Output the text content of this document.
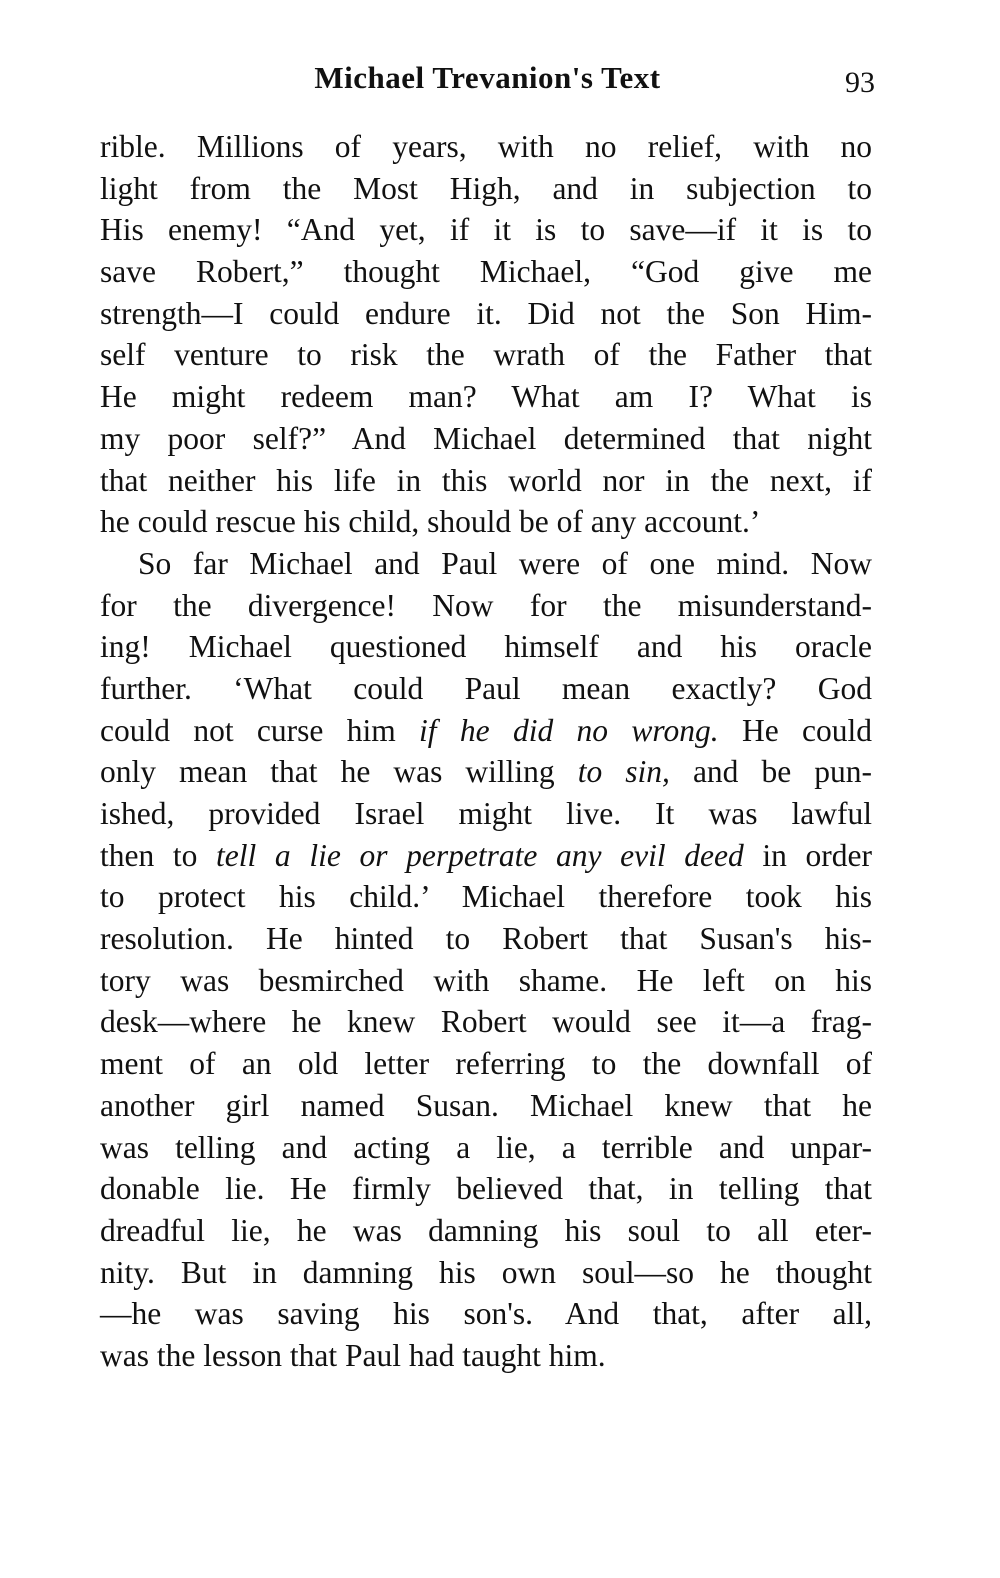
Michael Trevanion's Text	93
rible. Millions of years, with no relief, with no
light from the Most High, and in subjection to
His enemy! “And yet, if it is to save—if it is to
save Robert,” thought Michael, “God give me
strength—I could endure it. Did not the Son Him-
self venture to risk the wrath of the Father that
He might redeem man? What am I? What is
my poor self?” And Michael determined that night
that neither his life in this world nor in the next, if
he could rescue his child, should be of any account.’
So far Michael and Paul were of one mind. Now
for the divergence! Now for the misunderstand-
ing! Michael questioned himself and his oracle
further. ‘What could Paul mean exactly? God
could not curse him if he did no wrong. He could
only mean that he was willing to sin, and be pun-
ished, provided Israel might live. It was lawful
then to tell a lie or perpetrate any evil deed in order
to protect his child.’ Michael therefore took his
resolution. He hinted to Robert that Susan's his-
tory was besmirched with shame. He left on his
desk—where he knew Robert would see it—a frag-
ment of an old letter referring to the downfall of
another girl named Susan. Michael knew that he
was telling and acting a lie, a terrible and unpar-
donable lie. He firmly believed that, in telling that
dreadful lie, he was damning his soul to all eter-
nity. But in damning his own soul—so he thought
—he was saving his son's. And that, after all,
was the lesson that Paul had taught him.
